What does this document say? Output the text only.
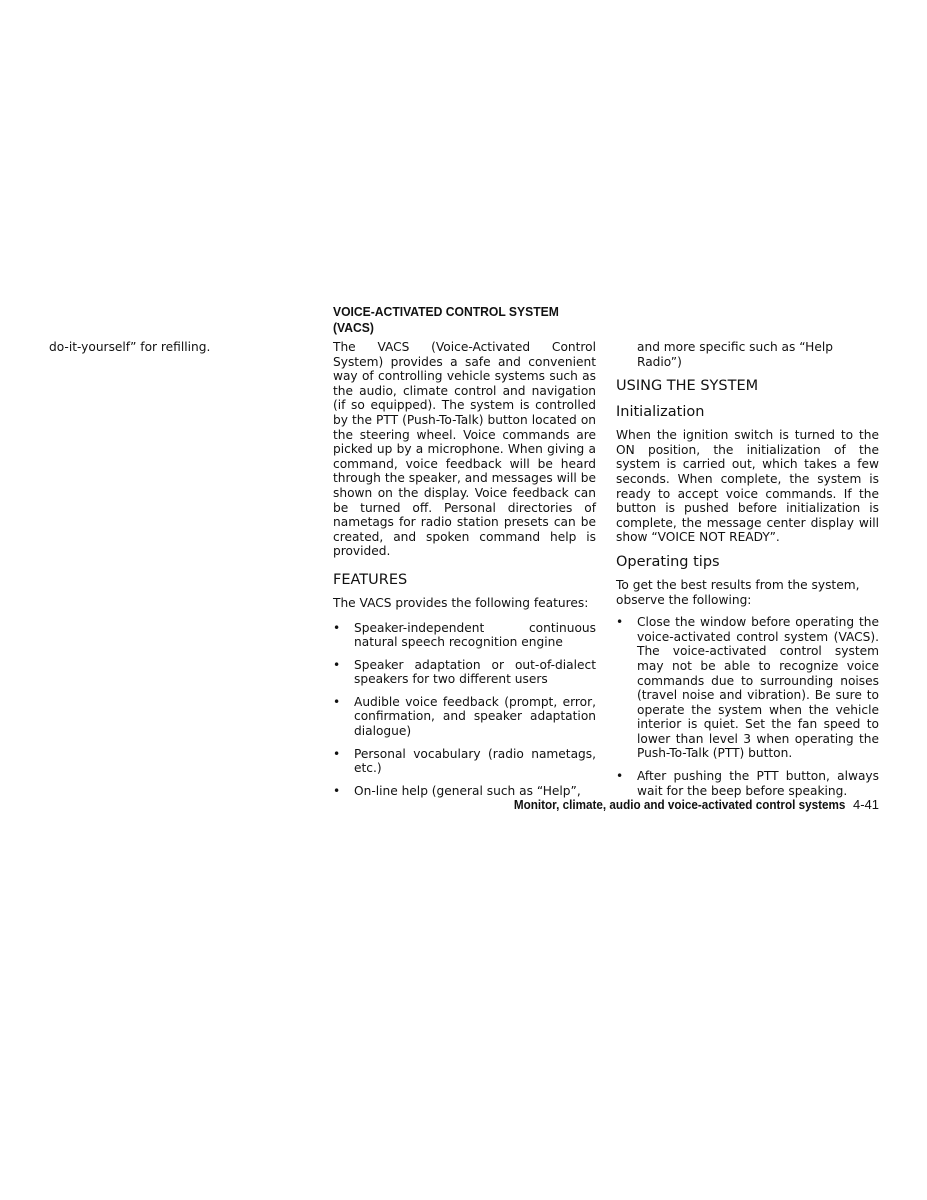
do-it-yourself” for refilling.

VOICE-ACTIVATED CONTROL SYSTEM (VACS)

The VACS (Voice-Activated Control System) provides a safe and convenient way of controlling vehicle systems such as the audio, climate control and navigation (if so equipped). The system is controlled by the PTT (Push-To-Talk) button located on the steering wheel. Voice commands are picked up by a microphone. When giving a command, voice feedback will be heard through the speaker, and messages will be shown on the display. Voice feedback can be turned off. Personal directories of nametags for radio station presets can be created, and spoken command help is provided.

FEATURES

The VACS provides the following features:

• Speaker-independent continuous natural speech recognition engine
• Speaker adaptation or out-of-dialect speakers for two different users
• Audible voice feedback (prompt, error, confirmation, and speaker adaptation dialogue)
• Personal vocabulary (radio nametags, etc.)
• On-line help (general such as “Help”,

and more specific such as “Help Radio”)

USING THE SYSTEM
Initialization

When the ignition switch is turned to the ON position, the initialization of the system is carried out, which takes a few seconds. When complete, the system is ready to accept voice commands. If the button is pushed before initialization is complete, the message center display will show “VOICE NOT READY”.

Operating tips

To get the best results from the system, observe the following:

• Close the window before operating the voice-activated control system (VACS). The voice-activated control system may not be able to recognize voice commands due to surrounding noises (travel noise and vibration). Be sure to operate the system when the vehicle interior is quiet. Set the fan speed to lower than level 3 when operating the Push-To-Talk (PTT) button.
• After pushing the PTT button, always wait for the beep before speaking.
Monitor, climate, audio and voice-activated control systems 4-41
